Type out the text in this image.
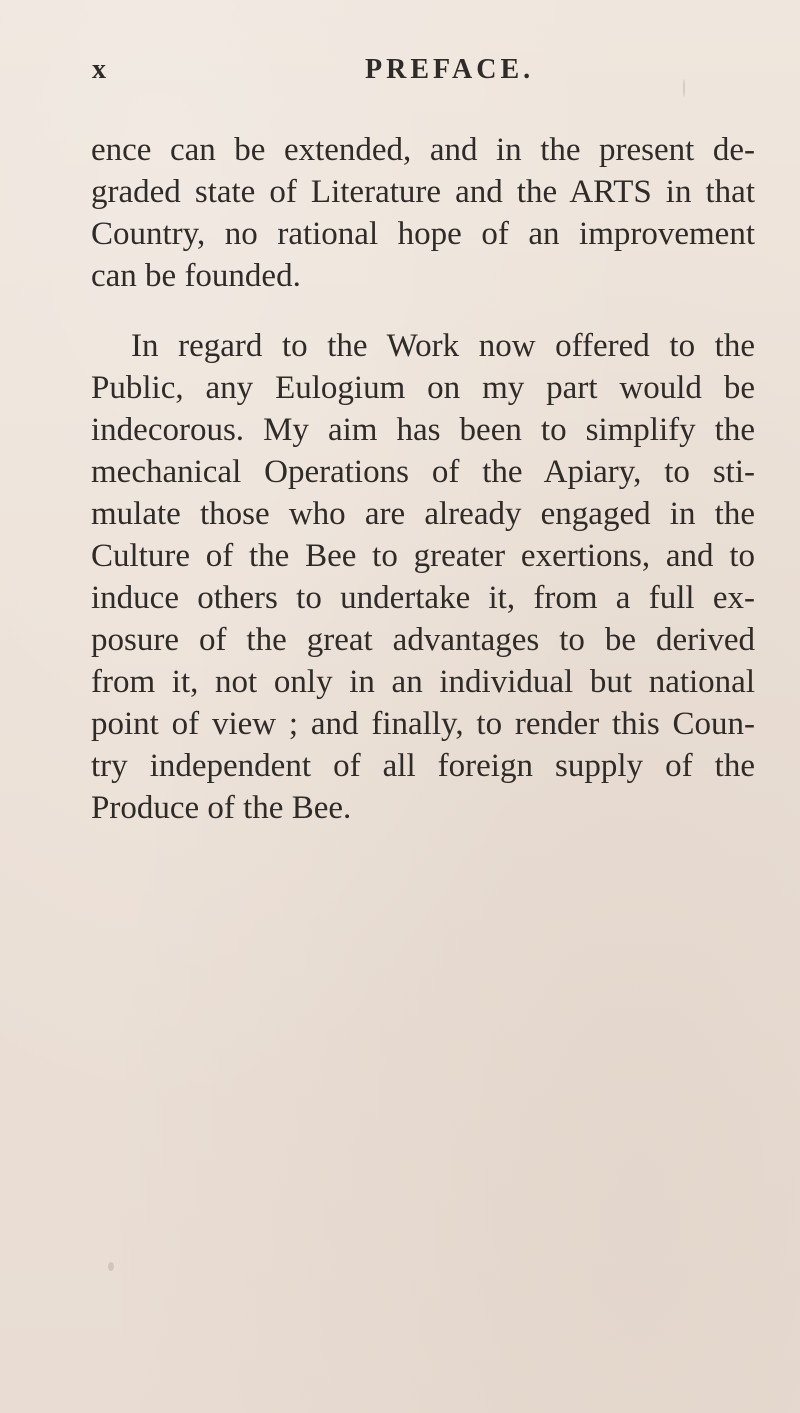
x	PREFACE.
ence can be extended, and in the present de-
graded state of Literature and the ARTS in that
Country, no rational hope of an improvement
can be founded.
In regard to the Work now offered to the
Public, any Eulogium on my part would be
indecorous. My aim has been to simplify the
mechanical Operations of the Apiary, to sti-
mulate those who are already engaged in the
Culture of the Bee to greater exertions, and to
induce others to undertake it, from a full ex-
posure of the great advantages to be derived
from it, not only in an individual but national
point of view ; and finally, to render this Coun-
try independent of all foreign supply of the
Produce of the Bee.
